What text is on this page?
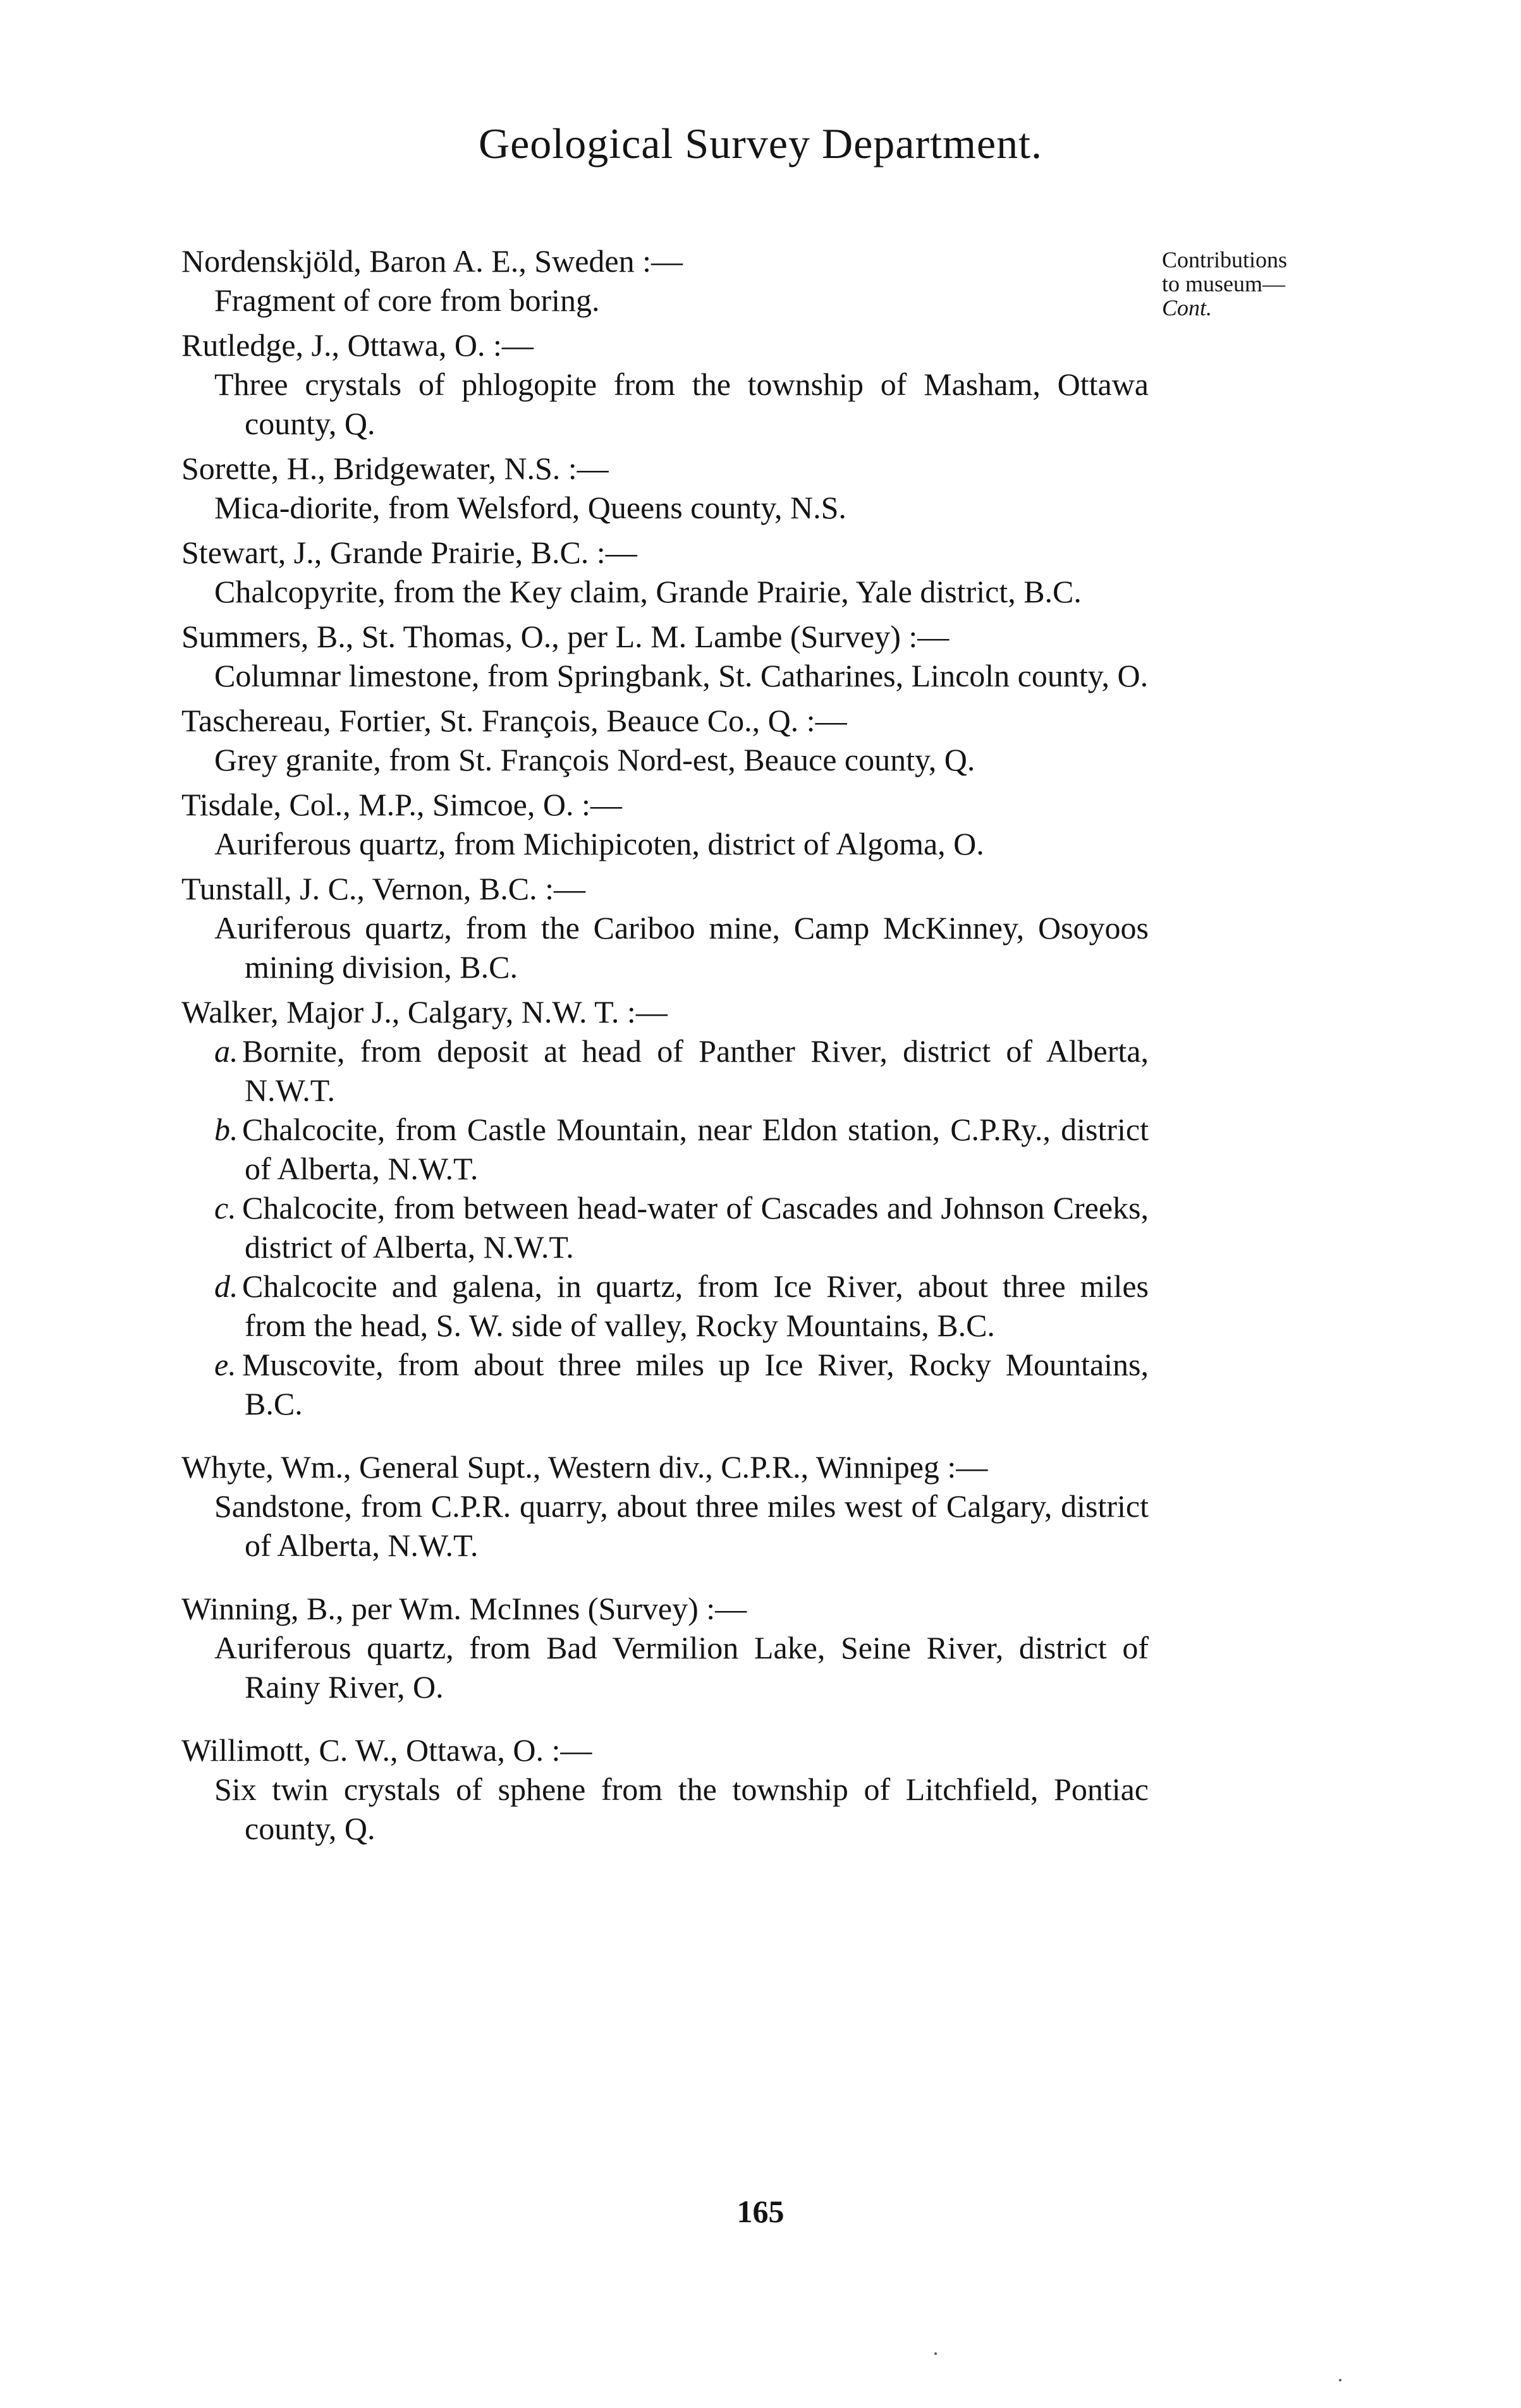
Geological Survey Department.
Contributions
to museum—
Cont.
Nordenskjöld, Baron A. E., Sweden :—
Fragment of core from boring.
Rutledge, J., Ottawa, O. :—
Three crystals of phlogopite from the township of Masham, Ottawa county, Q.
Sorette, H., Bridgewater, N.S. :—
Mica-diorite, from Welsford, Queens county, N.S.
Stewart, J., Grande Prairie, B.C. :—
Chalcopyrite, from the Key claim, Grande Prairie, Yale district, B.C.
Summers, B., St. Thomas, O., per L. M. Lambe (Survey) :—
Columnar limestone, from Springbank, St. Catharines, Lincoln county, O.
Taschereau, Fortier, St. François, Beauce Co., Q. :—
Grey granite, from St. François Nord-est, Beauce county, Q.
Tisdale, Col., M.P., Simcoe, O. :—
Auriferous quartz, from Michipicoten, district of Algoma, O.
Tunstall, J. C., Vernon, B.C. :—
Auriferous quartz, from the Cariboo mine, Camp McKinney, Osoyoos mining division, B.C.
Walker, Major J., Calgary, N.W. T. :—
a. Bornite, from deposit at head of Panther River, district of Alberta, N.W.T.
b. Chalcocite, from Castle Mountain, near Eldon station, C.P.Ry., district of Alberta, N.W.T.
c. Chalcocite, from between head-water of Cascades and Johnson Creeks, district of Alberta, N.W.T.
d. Chalcocite and galena, in quartz, from Ice River, about three miles from the head, S. W. side of valley, Rocky Mountains, B.C.
e. Muscovite, from about three miles up Ice River, Rocky Mountains, B.C.
Whyte, Wm., General Supt., Western div., C.P.R., Winnipeg :—
Sandstone, from C.P.R. quarry, about three miles west of Calgary, district of Alberta, N.W.T.
Winning, B., per Wm. McInnes (Survey) :—
Auriferous quartz, from Bad Vermilion Lake, Seine River, district of Rainy River, O.
Willimott, C. W., Ottawa, O. :—
Six twin crystals of sphene from the township of Litchfield, Pontiac county, Q.
165
